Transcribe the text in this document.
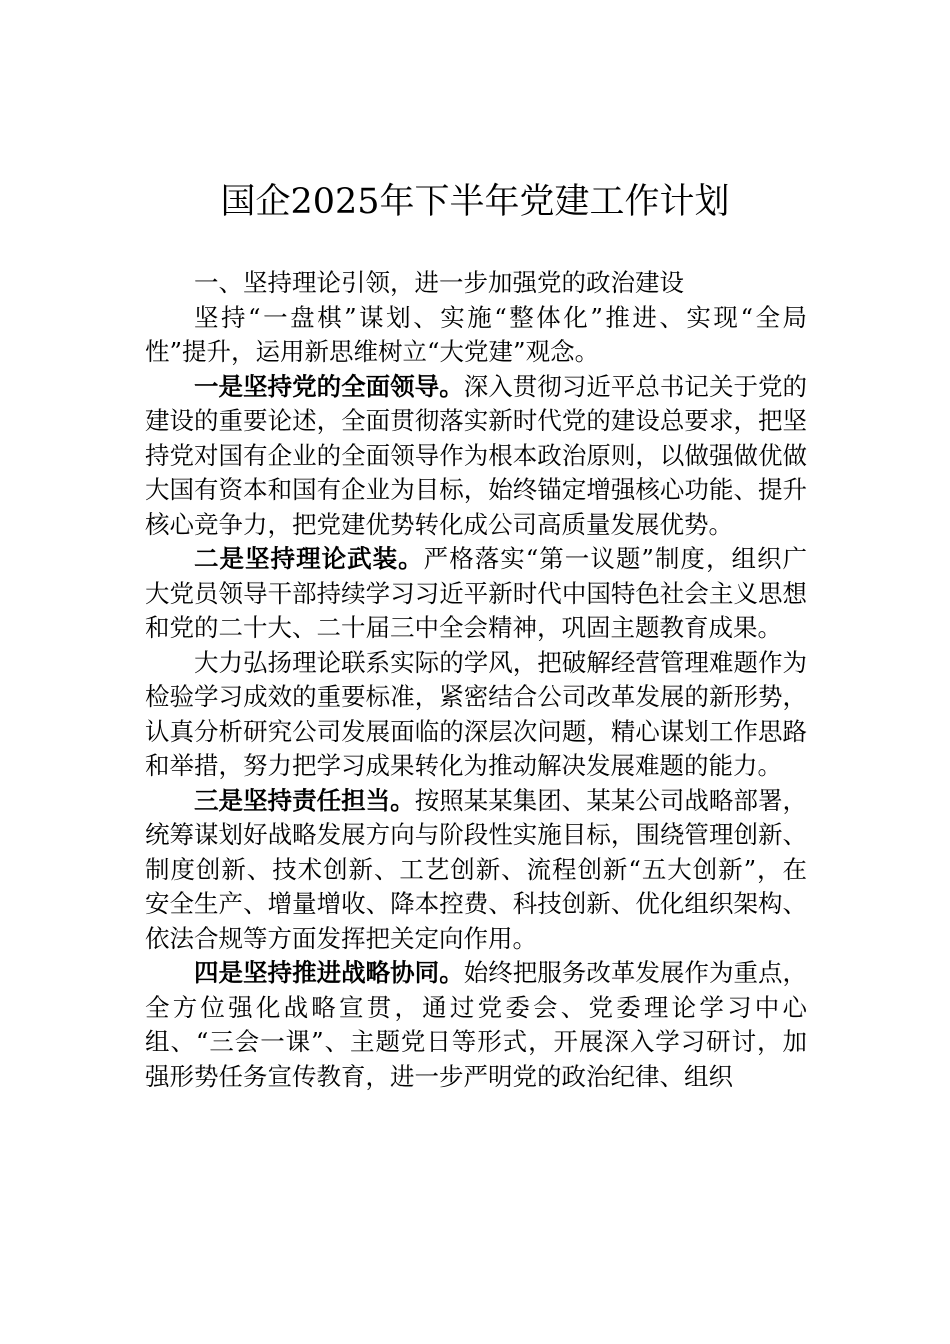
国企2025年下半年党建工作计划

一、坚持理论引领，进一步加强党的政治建设

坚持“一盘棋”谋划、实施“整体化”推进、实现“全局性”提升，运用新思维树立“大党建”观念。

一是坚持党的全面领导。深入贯彻习近平总书记关于党的建设的重要论述，全面贯彻落实新时代党的建设总要求，把坚持党对国有企业的全面领导作为根本政治原则，以做强做优做大国有资本和国有企业为目标，始终锚定增强核心功能、提升核心竞争力，把党建优势转化成公司高质量发展优势。

二是坚持理论武装。严格落实“第一议题”制度，组织广大党员领导干部持续学习习近平新时代中国特色社会主义思想和党的二十大、二十届三中全会精神，巩固主题教育成果。

大力弘扬理论联系实际的学风，把破解经营管理难题作为检验学习成效的重要标准，紧密结合公司改革发展的新形势，认真分析研究公司发展面临的深层次问题，精心谋划工作思路和举措，努力把学习成果转化为推动解决发展难题的能力。

三是坚持责任担当。按照某某集团、某某公司战略部署，统筹谋划好战略发展方向与阶段性实施目标，围绕管理创新、制度创新、技术创新、工艺创新、流程创新“五大创新”，在安全生产、增量增收、降本控费、科技创新、优化组织架构、依法合规等方面发挥把关定向作用。

四是坚持推进战略协同。始终把服务改革发展作为重点，全方位强化战略宣贯，通过党委会、党委理论学习中心组、“三会一课”、主题党日等形式，开展深入学习研讨，加强形势任务宣传教育，进一步严明党的政治纪律、组织
